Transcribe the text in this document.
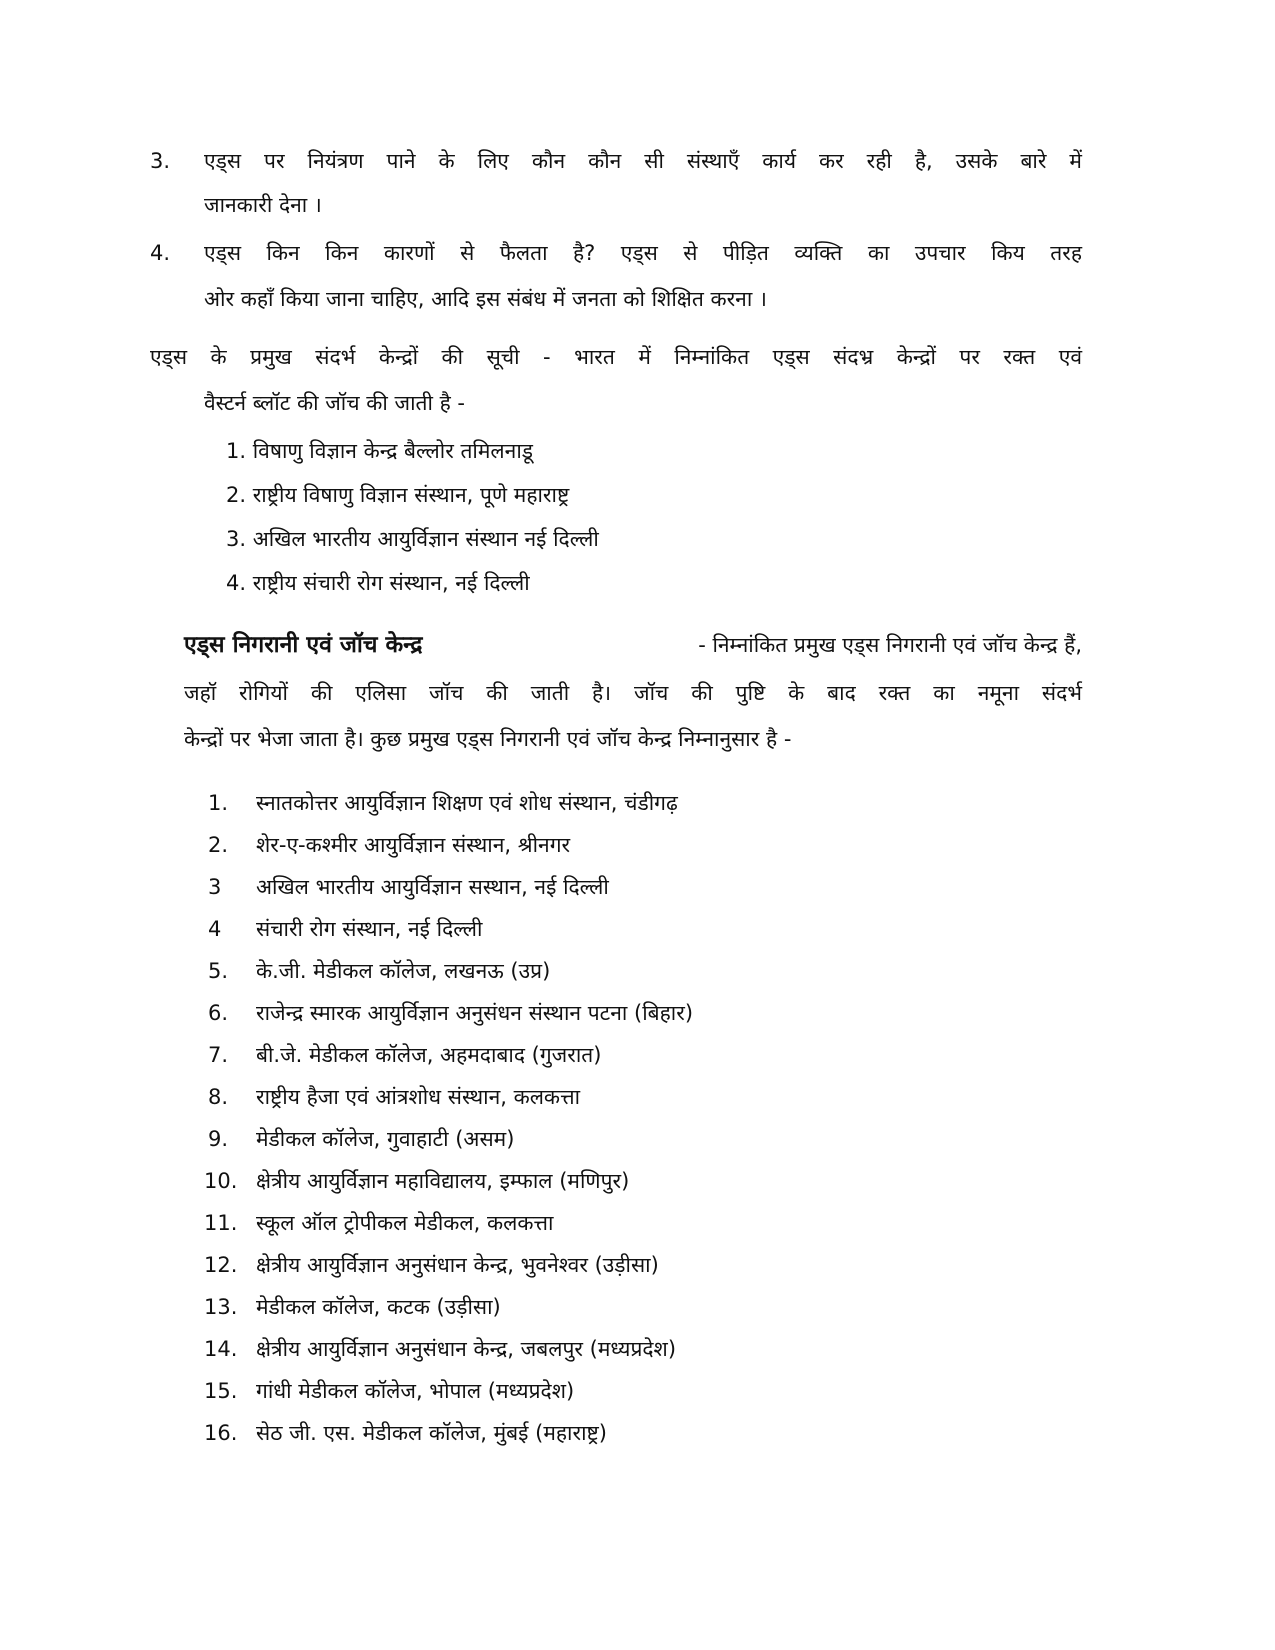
3. एड्स पर नियंत्रण पाने के लिए कौन कौन सी संस्थाएँ कार्य कर रही है, उसके बारे में
जानकारी देना ।
4. एड्स किन किन कारणों से फैलता है? एड्स से पीड़ित व्यक्ति का उपचार किय तरह
ओर कहाँ किया जाना चाहिए, आदि इस संबंध में जनता को शिक्षित करना ।
एड्स के प्रमुख संदर्भ केन्द्रों की सूची - भारत में निम्नांकित एड्स संदभ्र केन्द्रों पर रक्त एवं
वैस्टर्न ब्लॉट की जॉच की जाती है -
1. विषाणु विज्ञान केन्द्र बैल्लोर तमिलनाडू
2. राष्ट्रीय विषाणु विज्ञान संस्थान, पूणे महाराष्ट्र
3. अखिल भारतीय आयुर्विज्ञान संस्थान नई दिल्ली
4. राष्ट्रीय संचारी रोग संस्थान, नई दिल्ली
एड्स निगरानी एवं जॉच केन्द्र	- निम्नांकित प्रमुख एड्स निगरानी एवं जॉच केन्द्र हैं,
जहॉ रोगियों की एलिसा जॉच की जाती है। जॉच की पुष्टि के बाद रक्त का नमूना संदर्भ
केन्द्रों पर भेजा जाता है। कुछ प्रमुख एड्स निगरानी एवं जॉच केन्द्र निम्नानुसार है -
1. स्नातकोत्तर आयुर्विज्ञान शिक्षण एवं शोध संस्थान, चंडीगढ़
2. शेर-ए-कश्मीर आयुर्विज्ञान संस्थान, श्रीनगर
3 अखिल भारतीय आयुर्विज्ञान सस्थान, नई दिल्ली
4 संचारी रोग संस्थान, नई दिल्ली
5. के.जी. मेडीकल कॉलेज, लखनऊ (उप्र)
6. राजेन्द्र स्मारक आयुर्विज्ञान अनुसंधन संस्थान पटना (बिहार)
7. बी.जे. मेडीकल कॉलेज, अहमदाबाद (गुजरात)
8. राष्ट्रीय हैजा एवं आंत्रशोध संस्थान, कलकत्ता
9. मेडीकल कॉलेज, गुवाहाटी (असम)
10. क्षेत्रीय आयुर्विज्ञान महाविद्यालय, इम्फाल (मणिपुर)
11. स्कूल ऑल ट्रोपीकल मेडीकल, कलकत्ता
12. क्षेत्रीय आयुर्विज्ञान अनुसंधान केन्द्र, भुवनेश्वर (उड़ीसा)
13. मेडीकल कॉलेज, कटक (उड़ीसा)
14. क्षेत्रीय आयुर्विज्ञान अनुसंधान केन्द्र, जबलपुर (मध्यप्रदेश)
15. गांधी मेडीकल कॉलेज, भोपाल (मध्यप्रदेश)
16. सेठ जी. एस. मेडीकल कॉलेज, मुंबई (महाराष्ट्र)
